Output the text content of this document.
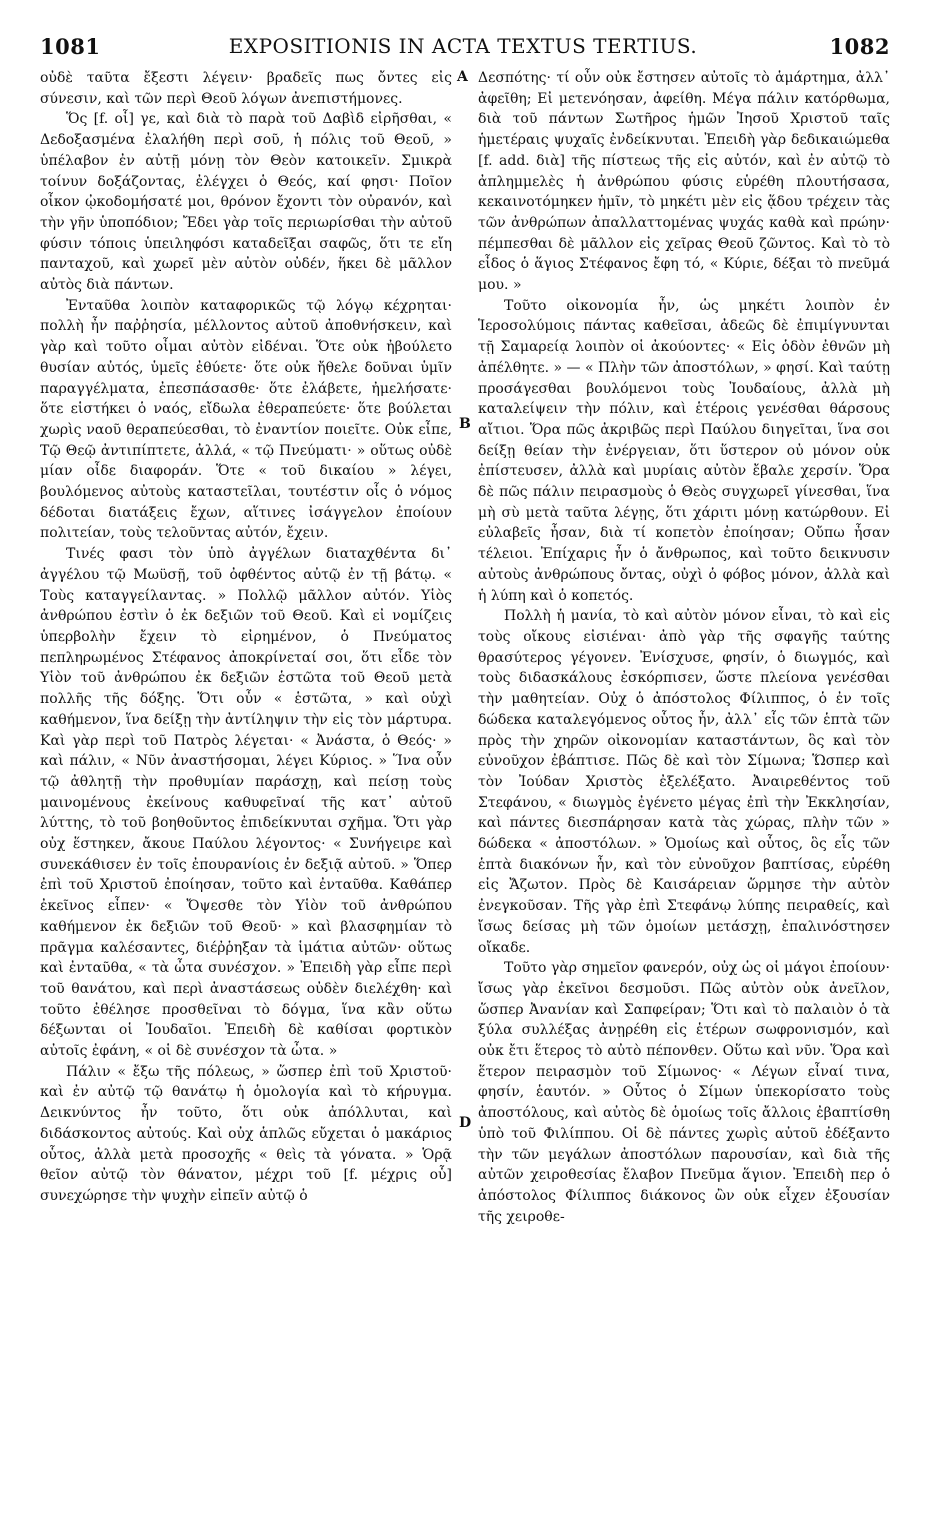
1081	EXPOSITIONIS IN ACTA TEXTUS TERTIUS.	1082

οὐδὲ ταῦτα ἔξεστι λέγειν· βραδεῖς πως ὄντες εἰς σύνεσιν, καὶ τῶν περὶ Θεοῦ λόγων ἀνεπιστήμονες.

Ὅς [f. οἷ] γε, καὶ διὰ τὸ παρὰ τοῦ Δαβὶδ εἰρῆσθαι, « Δεδοξασμένα ἐλαλήθη περὶ σοῦ, ἡ πόλις τοῦ Θεοῦ, » ὑπέλαβον ἐν αὐτῇ μόνῃ τὸν Θεὸν κατοικεῖν. Σμικρὰ τοίνυν δοξάζοντας, ἐλέγχει ὁ Θεός, καί φησι· Ποῖον οἶκον ᾠκοδομήσατέ μοι, θρόνον ἔχοντι τὸν οὐρανόν, καὶ τὴν γῆν ὑποπόδιον; Ἔδει γὰρ τοῖς περιωρίσθαι τὴν αὐτοῦ φύσιν τόποις ὑπειληφόσι καταδεῖξαι σαφῶς, ὅτι τε εἴη πανταχοῦ, καὶ χωρεῖ μὲν αὐτὸν οὐδέν, ἥκει δὲ μᾶλλον αὐτὸς διὰ πάντων.

Ἐνταῦθα λοιπὸν καταφορικῶς τῷ λόγῳ κέχρηται· πολλὴ ἦν παῤῥησία, μέλλοντος αὐτοῦ ἀποθνήσκειν, καὶ γὰρ καὶ τοῦτο οἶμαι αὐτὸν εἰδέναι. Ὅτε οὐκ ἠβούλετο θυσίαν αὐτός, ὑμεῖς ἐθύετε· ὅτε οὐκ ἤθελε δοῦναι ὑμῖν παραγγέλματα, ἐπεσπάσασθε· ὅτε ἐλάβετε, ἠμελήσατε· ὅτε εἱστήκει ὁ ναός, εἴδωλα ἐθεραπεύετε· ὅτε βούλεται χωρὶς ναοῦ θεραπεύεσθαι, τὸ ἐναντίον ποιεῖτε. Οὐκ εἶπε, Τῷ Θεῷ ἀντιπίπτετε, ἀλλά, « τῷ Πνεύματι· » οὕτως οὐδὲ μίαν οἶδε διαφοράν. Ὅτε « τοῦ δικαίου » λέγει, βουλόμενος αὐτοὺς καταστεῖλαι, τουτέστιν οἷς ὁ νόμος δέδοται διατάξεις ἔχων, αἵτινες ἰσάγγελον ἐποίουν πολιτείαν, τοὺς τελοῦντας αὐτόν, ἔχειν.

Τινές φασι τὸν ὑπὸ ἀγγέλων διαταχθέντα δι᾽ ἀγγέλου τῷ Μωϋσῇ, τοῦ ὀφθέντος αὐτῷ ἐν τῇ βάτῳ. « Τοὺς καταγγείλαντας. » Πολλῷ μᾶλλον αὐτόν. Υἱὸς ἀνθρώπου ἐστὶν ὁ ἐκ δεξιῶν τοῦ Θεοῦ. Καὶ εἰ νομίζεις ὑπερβολὴν ἔχειν τὸ εἰρημένον, ὁ Πνεύματος πεπληρωμένος Στέφανος ἀποκρίνεταί σοι, ὅτι εἶδε τὸν Υἱὸν τοῦ ἀνθρώπου ἐκ δεξιῶν ἑστῶτα τοῦ Θεοῦ μετὰ πολλῆς τῆς δόξης. Ὅτι οὖν « ἑστῶτα, » καὶ οὐχὶ καθήμενον, ἵνα δείξῃ τὴν ἀντίληψιν τὴν εἰς τὸν μάρτυρα. Καὶ γὰρ περὶ τοῦ Πατρὸς λέγεται· « Ἀνάστα, ὁ Θεός· » καὶ πάλιν, « Νῦν ἀναστήσομαι, λέγει Κύριος. » Ἵνα οὖν τῷ ἀθλητῇ τὴν προθυμίαν παράσχῃ, καὶ πείσῃ τοὺς μαινομένους ἐκείνους καθυφεῖναί τῆς κατ᾽ αὐτοῦ λύττης, τὸ τοῦ βοηθοῦντος ἐπιδείκνυται σχῆμα. Ὅτι γὰρ οὐχ ἕστηκεν, ἄκουε Παύλου λέγοντος· « Συνήγειρε καὶ συνεκάθισεν ἐν τοῖς ἐπουρανίοις ἐν δεξιᾷ αὐτοῦ. » Ὅπερ ἐπὶ τοῦ Χριστοῦ ἐποίησαν, τοῦτο καὶ ἐνταῦθα. Καθάπερ ἐκεῖνος εἶπεν· « Ὄψεσθε τὸν Υἱὸν τοῦ ἀνθρώπου καθήμενον ἐκ δεξιῶν τοῦ Θεοῦ· » καὶ βλασφημίαν τὸ πρᾶγμα καλέσαντες, διέῤῥηξαν τὰ ἱμάτια αὐτῶν· οὕτως καὶ ἐνταῦθα, « τὰ ὦτα συνέσχον. » Ἐπειδὴ γὰρ εἶπε περὶ τοῦ θανάτου, καὶ περὶ ἀναστάσεως οὐδὲν διελέχθη· καὶ τοῦτο ἐθέλησε προσθεῖναι τὸ δόγμα, ἵνα κἂν οὕτω δέξωνται οἱ Ἰουδαῖοι. Ἐπειδὴ δὲ καθίσαι φορτικὸν αὐτοῖς ἐφάνη, « οἱ δὲ συνέσχον τὰ ὦτα. »

Πάλιν « ἔξω τῆς πόλεως, » ὥσπερ ἐπὶ τοῦ Χριστοῦ· καὶ ἐν αὐτῷ τῷ θανάτῳ ἡ ὁμολογία καὶ τὸ κήρυγμα. Δεικνύντος ἦν τοῦτο, ὅτι οὐκ ἀπόλλυται, καὶ διδάσκοντος αὐτούς. Καὶ οὐχ ἁπλῶς εὔχεται ὁ μακάριος οὗτος, ἀλλὰ μετὰ προσοχῆς « θεὶς τὰ γόνατα. » Ὁρᾷ θεῖον αὐτῷ τὸν θάνατον, μέχρι τοῦ [f. μέχρις οὗ] συνεχώρησε τὴν ψυχὴν εἰπεῖν αὐτῷ ὁ

A
B
D

Δεσπότης· τί οὖν οὐκ ἔστησεν αὐτοῖς τὸ ἁμάρτημα, ἀλλ᾽ ἀφεῖθη; Εἰ μετενόησαν, ἀφείθη. Μέγα πάλιν κατόρθωμα, διὰ τοῦ πάντων Σωτῆρος ἡμῶν Ἰησοῦ Χριστοῦ ταῖς ἡμετέραις ψυχαῖς ἐνδείκνυται. Ἐπειδὴ γὰρ δεδικαιώμεθα [f. add. διὰ] τῆς πίστεως τῆς εἰς αὐτόν, καὶ ἐν αὐτῷ τὸ ἀπλημμελὲς ἡ ἀνθρώπου φύσις εὑρέθη πλουτήσασα, κεκαινοτόμηκεν ἡμῖν, τὸ μηκέτι μὲν εἰς ᾅδου τρέχειν τὰς τῶν ἀνθρώπων ἀπαλλαττομένας ψυχάς καθὰ καὶ πρώην· πέμπεσθαι δὲ μᾶλλον εἰς χεῖρας Θεοῦ ζῶντος. Καὶ τὸ τὸ εἶδος ὁ ἅγιος Στέφανος ἔφη τό, « Κύριε, δέξαι τὸ πνεῦμά μου. »

Τοῦτο οἰκονομία ἦν, ὡς μηκέτι λοιπὸν ἐν Ἱεροσολύμοις πάντας καθεῖσαι, ἀδεῶς δὲ ἐπιμίγνυνται τῇ Σαμαρείᾳ λοιπὸν οἱ ἀκούοντες· « Εἰς ὁδὸν ἐθνῶν μὴ ἀπέλθητε. » — « Πλὴν τῶν ἀποστόλων, » φησί. Καὶ ταύτῃ προσάγεσθαι βουλόμενοι τοὺς Ἰουδαίους, ἀλλὰ μὴ καταλείψειν τὴν πόλιν, καὶ ἑτέροις γενέσθαι θάρσους αἴτιοι. Ὅρα πῶς ἀκριβῶς περὶ Παύλου διηγεῖται, ἵνα σοι δείξῃ θείαν τὴν ἐνέργειαν, ὅτι ὕστερον οὐ μόνον οὐκ ἐπίστευσεν, ἀλλὰ καὶ μυρίαις αὐτὸν ἔβαλε χερσίν. Ὅρα δὲ πῶς πάλιν πειρασμοὺς ὁ Θεὸς συγχωρεῖ γίνεσθαι, ἵνα μὴ σὺ μετὰ ταῦτα λέγῃς, ὅτι χάριτι μόνῃ κατώρθουν. Εἰ εὐλαβεῖς ἦσαν, διὰ τί κοπετὸν ἐποίησαν; Οὔπω ἦσαν τέλειοι. Ἐπίχαρις ἦν ὁ ἄνθρωπος, καὶ τοῦτο δεικνυσιν αὐτοὺς ἀνθρώπους ὄντας, οὐχὶ ὁ φόβος μόνον, ἀλλὰ καὶ ἡ λύπη καὶ ὁ κοπετός.

Πολλὴ ἡ μανία, τὸ καὶ αὐτὸν μόνον εἶναι, τὸ καὶ εἰς τοὺς οἴκους εἰσιέναι· ἀπὸ γὰρ τῆς σφαγῆς ταύτης θρασύτερος γέγονεν. Ἐνίσχυσε, φησίν, ὁ διωγμός, καὶ τοὺς διδασκάλους ἐσκόρπισεν, ὥστε πλείονα γενέσθαι τὴν μαθητείαν. Οὐχ ὁ ἀπόστολος Φίλιππος, ὁ ἐν τοῖς δώδεκα καταλεγόμενος οὗτος ἦν, ἀλλ᾽ εἷς τῶν ἑπτὰ τῶν πρὸς τὴν χηρῶν οἰκονομίαν καταστάντων, ὃς καὶ τὸν εὐνοῦχον ἐβάπτισε. Πῶς δὲ καὶ τὸν Σίμωνα; Ὥσπερ καὶ τὸν Ἰούδαν Χριστὸς ἐξελέξατο. Ἀναιρεθέντος τοῦ Στεφάνου, « διωγμὸς ἐγένετο μέγας ἐπὶ τὴν Ἐκκλησίαν, καὶ πάντες διεσπάρησαν κατὰ τὰς χώρας, πλὴν τῶν » δώδεκα « ἀποστόλων. » Ὁμοίως καὶ οὗτος, ὃς εἷς τῶν ἑπτὰ διακόνων ἦν, καὶ τὸν εὐνοῦχον βαπτίσας, εὑρέθη εἰς Ἄζωτον. Πρὸς δὲ Καισάρειαν ὥρμησε τὴν αὐτὸν ἐνεγκοῦσαν. Τῆς γὰρ ἐπὶ Στεφάνῳ λύπης πειραθείς, καὶ ἴσως δείσας μὴ τῶν ὁμοίων μετάσχῃ, ἐπαλινόστησεν οἴκαδε.

Τοῦτο γὰρ σημεῖον φανερόν, οὐχ ὡς οἱ μάγοι ἐποίουν· ἴσως γὰρ ἐκεῖνοι δεσμοῦσι. Πῶς αὐτὸν οὐκ ἀνεῖλον, ὥσπερ Ἀνανίαν καὶ Σαπφείραν; Ὅτι καὶ τὸ παλαιὸν ὁ τὰ ξύλα συλλέξας ἀνῃρέθη εἰς ἑτέρων σωφρονισμόν, καὶ οὐκ ἔτι ἕτερος τὸ αὐτὸ πέπονθεν. Οὕτω καὶ νῦν. Ὅρα καὶ ἕτερον πειρασμὸν τοῦ Σίμωνος· « Λέγων εἶναί τινα, φησίν, ἑαυτόν. » Οὗτος ὁ Σίμων ὑπεκορίσατο τοὺς ἀποστόλους, καὶ αὐτὸς δὲ ὁμοίως τοῖς ἄλλοις ἐβαπτίσθη ὑπὸ τοῦ Φιλίππου. Οἱ δὲ πάντες χωρὶς αὐτοῦ ἐδέξαντο τὴν τῶν μεγάλων ἀποστόλων παρουσίαν, καὶ διὰ τῆς αὐτῶν χειροθεσίας ἔλαβον Πνεῦμα ἅγιον. Ἐπειδὴ περ ὁ ἀπόστολος Φίλιππος διάκονος ὢν οὐκ εἶχεν ἐξουσίαν τῆς χειροθε-
